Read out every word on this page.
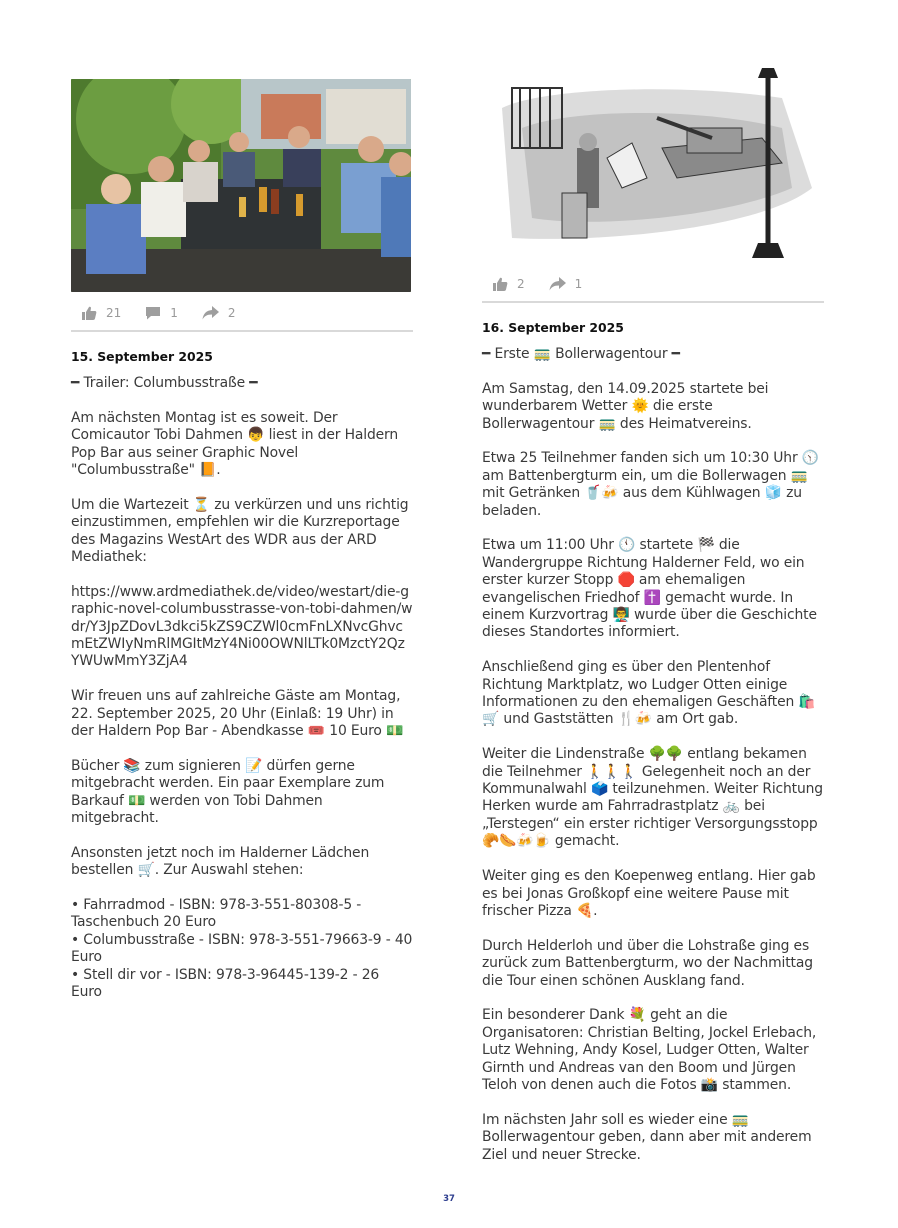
21	1	2
15. September 2025

━ Trailer: Columbusstraße ━

Am nächsten Montag ist es soweit. Der Comicautor Tobi Dahmen 👦 liest in der Haldern Pop Bar aus seiner Graphic Novel "Columbusstraße" 📙.

Um die Wartezeit ⏳ zu verkürzen und uns richtig einzustimmen, empfehlen wir die Kurzreportage des Magazins WestArt des WDR aus der ARD Mediathek:

https://www.ardmediathek.de/video/westart/die-graphic-novel-columbusstrasse-von-tobi-dahmen/wdr/Y3JpZDovL3dkci5kZS9CZWl0cmFnLXNvcGhvcmEtZWIyNmRlMGItMzY4Ni00OWNlLTk0MzctY2QzYWUwMmY3ZjA4

Wir freuen uns auf zahlreiche Gäste am Montag, 22. September 2025, 20 Uhr (Einlaß: 19 Uhr) in der Haldern Pop Bar - Abendkasse 🎟️ 10 Euro 💵

Bücher 📚 zum signieren 📝 dürfen gerne mitgebracht werden. Ein paar Exemplare zum Barkauf 💵 werden von Tobi Dahmen mitgebracht.

Ansonsten jetzt noch im Halderner Lädchen bestellen 🛒. Zur Auswahl stehen:

• Fahrradmod - ISBN: 978-3-551-80308-5 - Taschenbuch 20 Euro
• Columbusstraße - ISBN: 978-3-551-79663-9 - 40 Euro
• Stell dir vor - ISBN: 978-3-96445-139-2 - 26 Euro
2	1
16. September 2025

━ Erste 🚃 Bollerwagentour ━

Am Samstag, den 14.09.2025 startete bei wunderbarem Wetter 🌞 die erste Bollerwagentour 🚃 des Heimatvereins.

Etwa 25 Teilnehmer fanden sich um 10:30 Uhr 🕥 am Battenbergturm ein, um die Bollerwagen 🚃 mit Getränken 🥤🍻 aus dem Kühlwagen 🧊 zu beladen.

Etwa um 11:00 Uhr 🕚 startete 🏁 die Wandergruppe Richtung Halderner Feld, wo ein erster kurzer Stopp 🛑 am ehemaligen evangelischen Friedhof ✝️ gemacht wurde. In einem Kurzvortrag 👨‍🏫 wurde über die Geschichte dieses Standortes informiert.

Anschließend ging es über den Plentenhof Richtung Marktplatz, wo Ludger Otten einige Informationen zu den ehemaligen Geschäften 🛍️ 🛒 und Gaststätten 🍴🍻 am Ort gab.

Weiter die Lindenstraße 🌳🌳 entlang bekamen die Teilnehmer 🚶🚶🚶 Gelegenheit noch an der Kommunalwahl 🗳️ teilzunehmen. Weiter Richtung Herken wurde am Fahrradrastplatz 🚲 bei „Terstegen“ ein erster richtiger Versorgungsstopp 🥐🌭🍻🍺 gemacht.

Weiter ging es den Koepenweg entlang. Hier gab es bei Jonas Großkopf eine weitere Pause mit frischer Pizza 🍕.

Durch Helderloh und über die Lohstraße ging es zurück zum Battenbergturm, wo der Nachmittag die Tour einen schönen Ausklang fand.

Ein besonderer Dank 💐 geht an die Organisatoren: Christian Belting, Jockel Erlebach, Lutz Wehning, Andy Kosel, Ludger Otten, Walter Girnth und Andreas van den Boom und Jürgen Teloh von denen auch die Fotos 📸 stammen.

Im nächsten Jahr soll es wieder eine 🚃 Bollerwagentour geben, dann aber mit anderem Ziel und neuer Strecke.

37
